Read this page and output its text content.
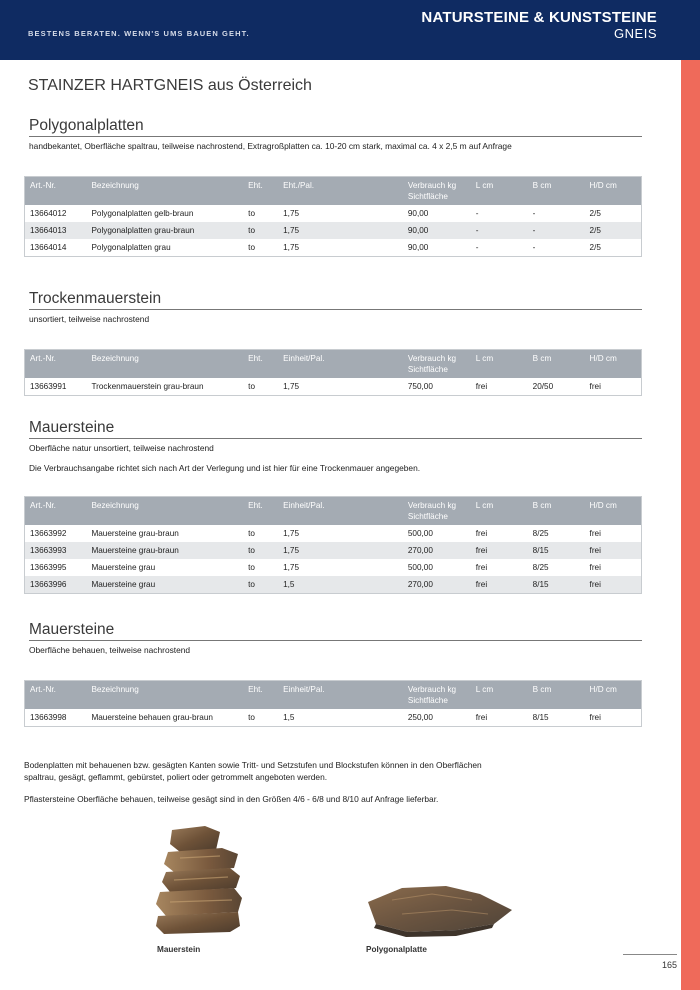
BESTENS BERATEN. WENN'S UMS BAUEN GEHT.
NATURSTEINE & KUNSTSTEINE
GNEIS
STAINZER HARTGNEIS aus Österreich
Polygonalplatten
handbekantet, Oberfläche spaltrau, teilweise nachrostend, Extragroßplatten ca. 10-20 cm stark, maximal ca. 4 x 2,5 m auf Anfrage
Art.-Nr.	Bezeichnung	Eht.	Eht./Pal.	Verbrauch kg Sichtfläche	L cm	B cm	H/D cm
13664012	Polygonalplatten gelb-braun	to	1,75	90,00	-	-	2/5
13664013	Polygonalplatten grau-braun	to	1,75	90,00	-	-	2/5
13664014	Polygonalplatten grau	to	1,75	90,00	-	-	2/5
Trockenmauerstein
unsortiert, teilweise nachrostend
Art.-Nr.	Bezeichnung	Eht.	Einheit/Pal.	Verbrauch kg Sichtfläche	L cm	B cm	H/D cm
13663991	Trockenmauerstein grau-braun	to	1,75	750,00	frei	20/50	frei
Mauersteine
Oberfläche natur unsortiert, teilweise nachrostend
Die Verbrauchsangabe richtet sich nach Art der Verlegung und ist hier für eine Trockenmauer angegeben.
Art.-Nr.	Bezeichnung	Eht.	Einheit/Pal.	Verbrauch kg Sichtfläche	L cm	B cm	H/D cm
13663992	Mauersteine grau-braun	to	1,75	500,00	frei	8/25	frei
13663993	Mauersteine grau-braun	to	1,75	270,00	frei	8/15	frei
13663995	Mauersteine grau	to	1,75	500,00	frei	8/25	frei
13663996	Mauersteine grau	to	1,5	270,00	frei	8/15	frei
Mauersteine
Oberfläche behauen, teilweise nachrostend
Art.-Nr.	Bezeichnung	Eht.	Einheit/Pal.	Verbrauch kg Sichtfläche	L cm	B cm	H/D cm
13663998	Mauersteine behauen grau-braun	to	1,5	250,00	frei	8/15	frei
Bodenplatten mit behauenen bzw. gesägten Kanten sowie Tritt- und Setzstufen und Blockstufen können in den Oberflächen spaltrau, gesägt, geflammt, gebürstet, poliert oder getrommelt angeboten werden.
Pflastersteine Oberfläche behauen, teilweise gesägt sind in den Größen 4/6 - 6/8 und 8/10 auf Anfrage lieferbar.
Mauerstein	Polygonalplatte
165
